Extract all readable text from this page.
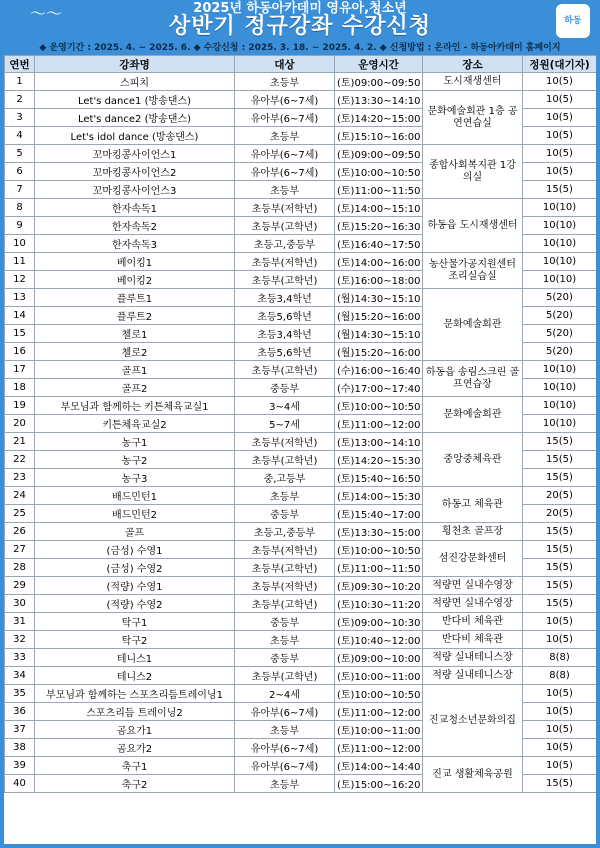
〜〜	2025년 하동아카데미 영유아,청소년
상반기 정규강좌 수강신청	하동
◆ 운영기간 : 2025. 4. ~ 2025. 6. ◆ 수강신청 : 2025. 3. 18. ~ 2025. 4. 2. ◆ 신청방법 : 온라인 - 하동아카데미 홈페이지
연번	강좌명	대상	운영시간	장소	정원(대기자)
1	스피치	초등부	(토)09:00~09:50	도시재생센터	10(5)
2	Let's dance1 (방송댄스)	유아부(6~7세)	(토)13:30~14:10	문화예술회관 1층 공연연습실	10(5)
3	Let's dance2 (방송댄스)	유아부(6~7세)	(토)14:20~15:00		10(5)
4	Let's idol dance (방송댄스)	초등부	(토)15:10~16:00		10(5)
5	꼬마킹콩사이언스1	유아부(6~7세)	(토)09:00~09:50	종합사회복지관 1강의실	10(5)
6	꼬마킹콩사이언스2	유아부(6~7세)	(토)10:00~10:50		10(5)
7	꼬마킹콩사이언스3	초등부	(토)11:00~11:50		15(5)
8	한자속독1	초등부(저학년)	(토)14:00~15:10	하동읍 도시재생센터	10(10)
9	한자속독2	초등부(고학년)	(토)15:20~16:30		10(10)
10	한자속독3	초등고,중등부	(토)16:40~17:50		10(10)
11	베이킹1	초등부(저학년)	(토)14:00~16:00	농산물가공지원센터 조리실습실	10(10)
12	베이킹2	초등부(고학년)	(토)16:00~18:00		10(10)
13	플루트1	초등3,4학년	(월)14:30~15:10	문화예술회관	5(20)
14	플루트2	초등5,6학년	(월)15:20~16:00		5(20)
15	첼로1	초등3,4학년	(월)14:30~15:10		5(20)
16	첼로2	초등5,6학년	(월)15:20~16:00		5(20)
17	골프1	초등부(고학년)	(수)16:00~16:40	하동읍 송림스크린 골프연습장	10(10)
18	골프2	중등부	(수)17:00~17:40		10(10)
19	부모님과 함께하는 키튼체육교실1	3~4세	(토)10:00~10:50	문화예술회관	10(10)
20	키튼체육교실2	5~7세	(토)11:00~12:00		10(10)
21	농구1	초등부(저학년)	(토)13:00~14:10	중앙중체육관	15(5)
22	농구2	초등부(고학년)	(토)14:20~15:30		15(5)
23	농구3	중,고등부	(토)15:40~16:50		15(5)
24	배드민턴1	초등부	(토)14:00~15:30	하동고 체육관	20(5)
25	배드민턴2	중등부	(토)15:40~17:00		20(5)
26	골프	초등고,중등부	(토)13:30~15:00	횡천초 골프장	15(5)
27	(금성) 수영1	초등부(저학년)	(토)10:00~10:50	섬진강문화센터	15(5)
28	(금성) 수영2	초등부(고학년)	(토)11:00~11:50		15(5)
29	(적량) 수영1	초등부(저학년)	(토)09:30~10:20	적량면 실내수영장	15(5)
30	(적량) 수영2	초등부(고학년)	(토)10:30~11:20	적량면 실내수영장	15(5)
31	탁구1	중등부	(토)09:00~10:30	반다비 체육관	10(5)
32	탁구2	초등부	(토)10:40~12:00	반다비 체육관	10(5)
33	테니스1	중등부	(토)09:00~10:00	적량 실내테니스장	8(8)
34	테니스2	초등부(고학년)	(토)10:00~11:00	적량 실내테니스장	8(8)
35	부모님과 함께하는 스포츠리듬트레이닝1	2~4세	(토)10:00~10:50	진교청소년문화의집	10(5)
36	스포츠리듬 트레이닝2	유아부(6~7세)	(토)11:00~12:00		10(5)
37	곰요가1	초등부	(토)10:00~11:00		10(5)
38	곰요가2	유아부(6~7세)	(토)11:00~12:00		10(5)
39	축구1	유아부(6~7세)	(토)14:00~14:40	진교 생활체육공원	10(5)
40	축구2	초등부	(토)15:00~16:20		15(5)
